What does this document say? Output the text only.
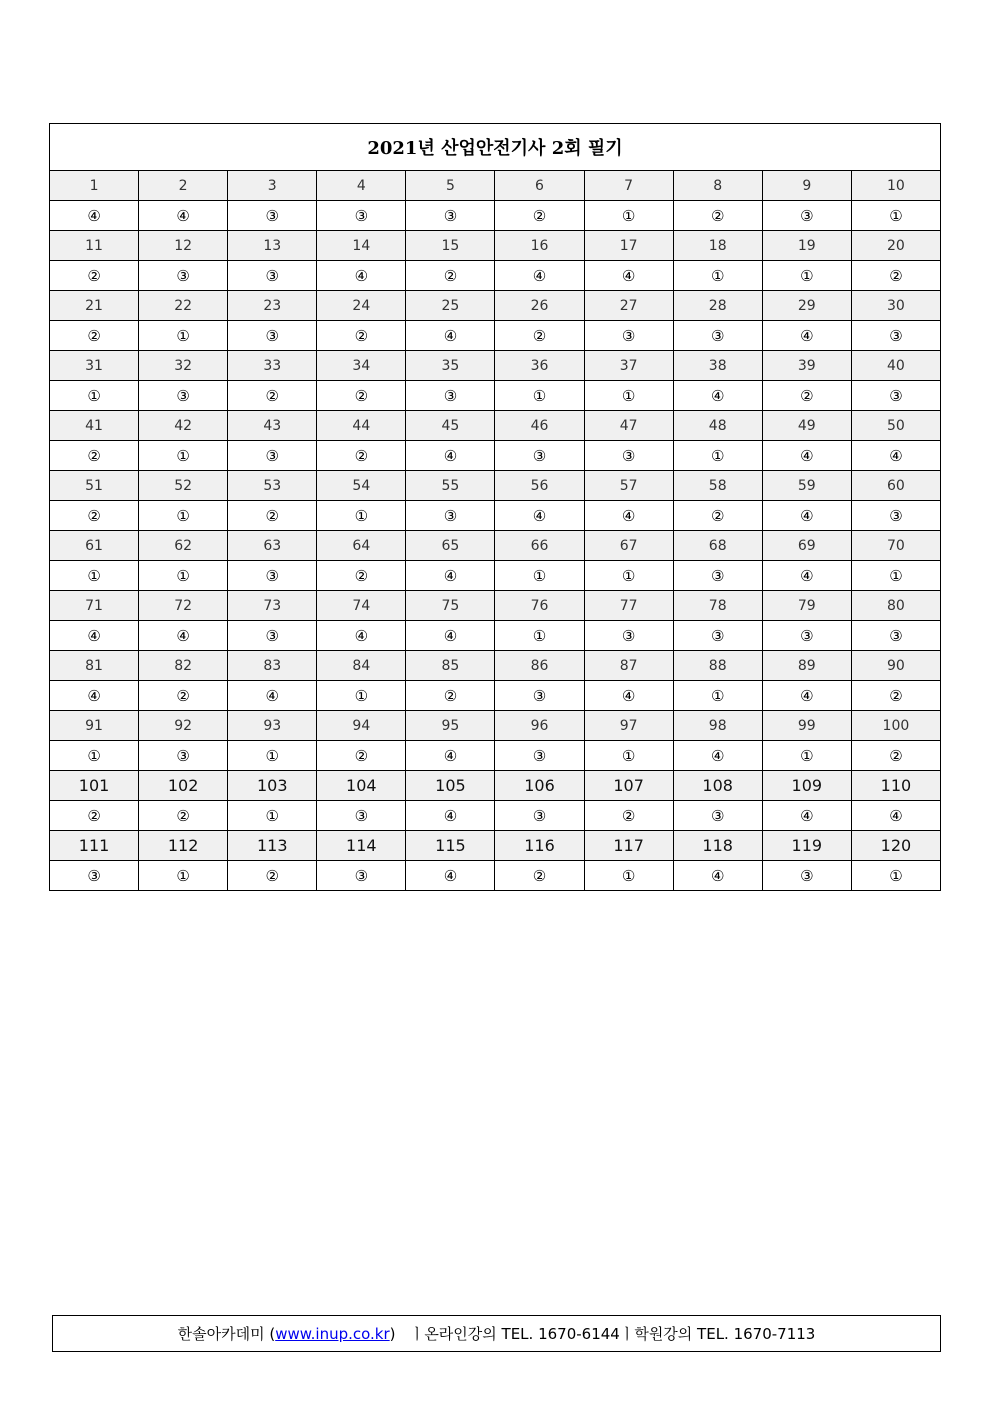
2021년 산업안전기사 2회 필기									
1	2	3	4	5	6	7	8	9	10
④	④	③	③	③	②	①	②	③	①
11	12	13	14	15	16	17	18	19	20
②	③	③	④	②	④	④	①	①	②
21	22	23	24	25	26	27	28	29	30
②	①	③	②	④	②	③	③	④	③
31	32	33	34	35	36	37	38	39	40
①	③	②	②	③	①	①	④	②	③
41	42	43	44	45	46	47	48	49	50
②	①	③	②	④	③	③	①	④	④
51	52	53	54	55	56	57	58	59	60
②	①	②	①	③	④	④	②	④	③
61	62	63	64	65	66	67	68	69	70
①	①	③	②	④	①	①	③	④	①
71	72	73	74	75	76	77	78	79	80
④	④	③	④	④	①	③	③	③	③
81	82	83	84	85	86	87	88	89	90
④	②	④	①	②	③	④	①	④	②
91	92	93	94	95	96	97	98	99	100
①	③	①	②	④	③	①	④	①	②
101	102	103	104	105	106	107	108	109	110
②	②	①	③	④	③	②	③	④	④
111	112	113	114	115	116	117	118	119	120
③	①	②	③	④	②	①	④	③	①
한솔아카데미 ( www.inup.co.kr ) ㅣ 온라인강의 TEL. 1670-6144 ㅣ 학원강의 TEL. 1670-7113
